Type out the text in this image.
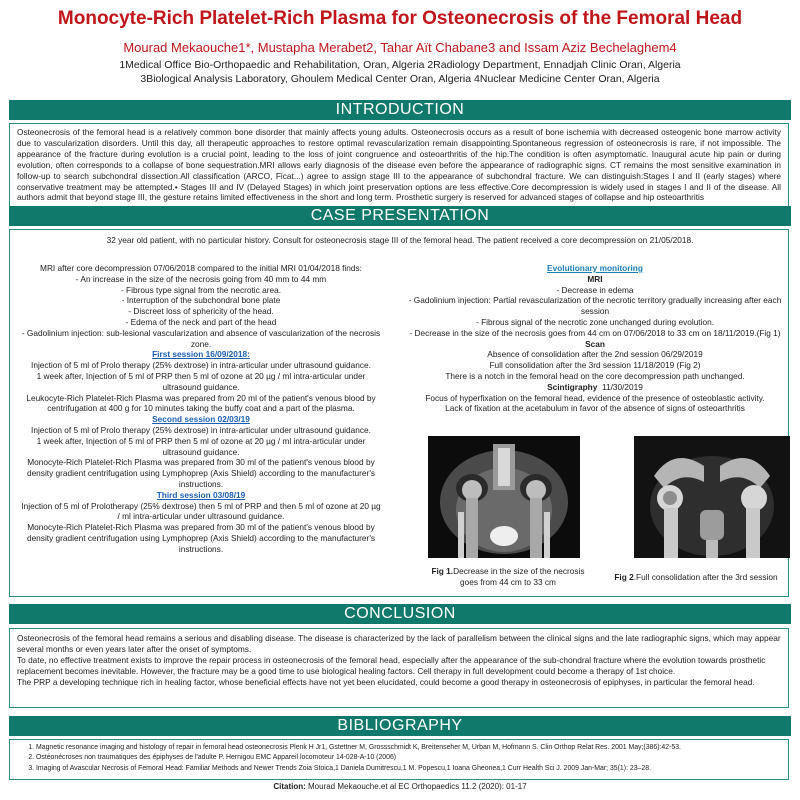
Monocyte-Rich Platelet-Rich Plasma for Osteonecrosis of the Femoral Head
Mourad Mekaouche1*, Mustapha Merabet2, Tahar Aït Chabane3 and Issam Aziz Bechelaghem4
1Medical Office Bio-Orthopaedic and Rehabilitation, Oran, Algeria 2Radiology Department, Ennadjah Clinic Oran, Algeria
3Biological Analysis Laboratory, Ghoulem Medical Center Oran, Algeria 4Nuclear Medicine Center Oran, Algeria
INTRODUCTION
Osteonecrosis of the femoral head is a relatively common bone disorder that mainly affects young adults. Osteonecrosis occurs as a result of bone ischemia with decreased osteogenic bone marrow activity due to vascularization disorders. Until this day, all therapeutic approaches to restore optimal revascularization remain disappointing.Spontaneous regression of osteonecrosis is rare, if not impossible. The appearance of the fracture during evolution is a crucial point, leading to the loss of joint congruence and osteoarthritis of the hip.The condition is often asymptomatic. Inaugural acute hip pain or during evolution, often corresponds to a collapse of bone sequestration.MRI allows early diagnosis of the disease even before the appearance of radiographic signs. CT remains the most sensitive examination in follow-up to search subchondral dissection.All classification (ARCO, Ficat...) agree to assign stage III to the appearance of subchondral fracture. We can distinguish:Stages I and II (early stages) where conservative treatment may be attempted.• Stages III and IV (Delayed Stages) in which joint preservation options are less effective.Core decompression is widely used in stages I and II of the disease. All authors admit that beyond stage III, the gesture retains limited effectiveness in the short and long term. Prosthetic surgery is reserved for advanced stages of collapse and hip osteoarthritis
CASE PRESENTATION
32 year old patient, with no particular history. Consult for osteonecrosis stage III of the femoral head. The patient received a core decompression on 21/05/2018.
MRI after core decompression 07/06/2018 compared to the initial MRI 01/04/2018 finds:
- An increase in the size of the necrosis going from 40 mm to 44 mm
- Fibrous type signal from the necrotic area.
- Interruption of the subchondral bone plate
- Discreet loss of sphericity of the head.
- Edema of the neck and part of the head
- Gadolinium injection: sub-lesional vascularization and absence of vascularization of the necrosis zone.
First session 16/09/2018:
Injection of 5 ml of Prolo therapy (25% dextrose) in intra-articular under ultrasound guidance.
1 week after, Injection of 5 ml of PRP then 5 ml of ozone at 20 µg / ml intra-articular under ultrasound guidance.
Leukocyte-Rich Platelet-Rich Plasma was prepared from 20 ml of the patient's venous blood by centrifugation at 400 g for 10 minutes taking the buffy coat and a part of the plasma.
Second session 02/03/19
Injection of 5 ml of Prolo therapy (25% dextrose) in intra-articular under ultrasound guidance.
1 week after, Injection of 5 ml of PRP then 5 ml of ozone at 20 µg / ml intra-articular under ultrasound guidance.
Monocyte-Rich Platelet-Rich Plasma was prepared from 30 ml of the patient's venous blood by density gradient centrifugation using Lymphoprep (Axis Shield) according to the manufacturer's instructions.
Third session 03/08/19
Injection of 5 ml of Prolotherapy (25% dextrose) then 5 ml of PRP and then 5 ml of ozone at 20 µg / ml intra-articular under ultrasound guidance.
Monocyte-Rich Platelet-Rich Plasma was prepared from 30 ml of the patient's venous blood by density gradient centrifugation using Lymphoprep (Axis Shield) according to the manufacturer's instructions.
Evolutionary monitoring
MRI
- Decrease in edema
- Gadolinium injection: Partial revascularization of the necrotic territory gradually increasing after each session
- Fibrous signal of the necrotic zone unchanged during evolution.
- Decrease in the size of the necrosis goes from 44 cm on 07/06/2018 to 33 cm on 18/11/2019.(Fig 1)
Scan
Absence of consolidation after the 2nd session 06/29/2019
Full consolidation after the 3rd session 11/18/2019 (Fig 2)
There is a notch in the femoral head on the core decompression path unchanged.
Scintigraphy 11/30/2019
Focus of hyperfixation on the femoral head, evidence of the presence of osteoblastic activity.
Lack of fixation at the acetabulum in favor of the absence of signs of osteoarthritis
Fig 1.Decrease in the size of the necrosis goes from 44 cm to 33 cm	Fig 2.Full consolidation after the 3rd session
CONCLUSION
Osteonecrosis of the femoral head remains a serious and disabling disease. The disease is characterized by the lack of parallelism between the clinical signs and the late radiographic signs, which may appear several months or even years later after the onset of symptoms.
To date, no effective treatment exists to improve the repair process in osteonecrosis of the femoral head, especially after the appearance of the sub-chondral fracture where the evolution towards prosthetic replacement becomes inevitable. However, the fracture may be a good time to use biological healing factors. Cell therapy in full development could become a therapy of 1st choice.
The PRP a developing technique rich in healing factor, whose beneficial effects have not yet been elucidated, could become a good therapy in osteonecrosis of epiphyses, in particular the femoral head.
BIBLIOGRAPHY
1. Magnetic resonance imaging and histology of repair in femoral head osteonecrosis Plenk H Jr1, Gstettner M, Grossschmidt K, Breitenseher M, Urban M, Hofmann S. Clin Orthop Relat Res. 2001 May;(386):42-53.
2. Ostéonécroses non traumatiques des épiphyses de l'adulte P. Hernigou EMC Appareil locomoteur 14-028-A-10 (2006)
3. Imaging of Avascular Necrosis of Femoral Head: Familiar Methods and Newer Trends Zoia Stoica,1 Daniela Dumitrescu,1 M. Popescu,1 Ioana Gheonea,1 Curr Health Sci J. 2009 Jan-Mar; 35(1): 23–28.
Citation: Mourad Mekaouche.et al EC Orthopaedics 11.2 (2020): 01-17
